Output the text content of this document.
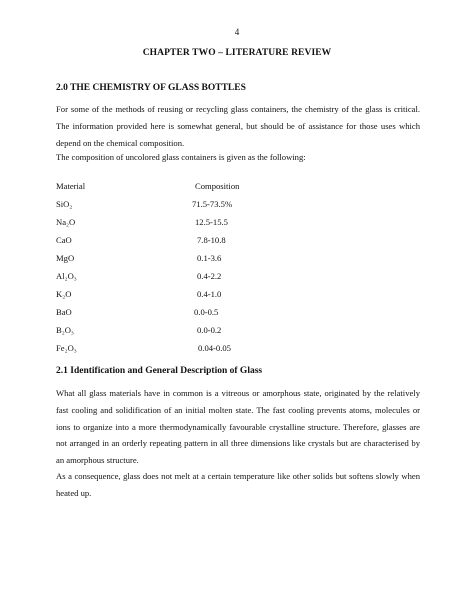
4
CHAPTER TWO – LITERATURE REVIEW
2.0 THE CHEMISTRY OF GLASS BOTTLES

For some of the methods of reusing or recycling glass containers, the chemistry of the glass is critical. The information provided here is somewhat general, but should be of assistance for those uses which depend on the chemical composition.

The composition of uncolored glass containers is given as the following:

Material	Composition
SiO₂	71.5-73.5%
Na₂O	12.5-15.5
CaO	7.8-10.8
MgO	0.1-3.6
Al₂O₃	0.4-2.2
K₂O	0.4-1.0
BaO	0.0-0.5
B₂O₃	0.0-0.2
Fe₂O₃	0.04-0.05
2.1 Identification and General Description of Glass

What all glass materials have in common is a vitreous or amorphous state, originated by the relatively fast cooling and solidification of an initial molten state. The fast cooling prevents atoms, molecules or ions to organize into a more thermodynamically favourable crystalline structure. Therefore, glasses are not arranged in an orderly repeating pattern in all three dimensions like crystals but are characterised by an amorphous structure.

As a consequence, glass does not melt at a certain temperature like other solids but softens slowly when heated up.
